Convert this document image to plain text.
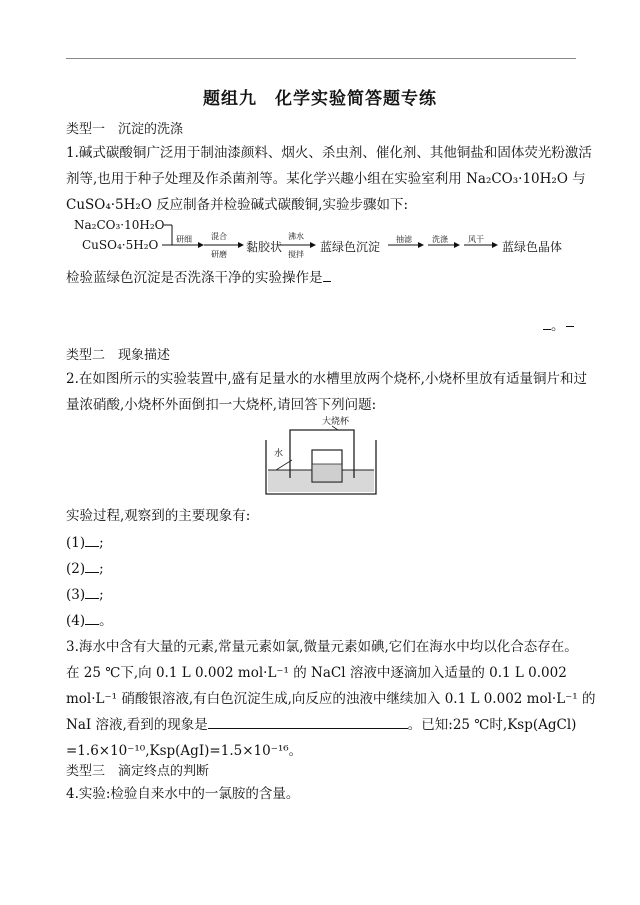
题组九　化学实验简答题专练
类型一　沉淀的洗涤
1.碱式碳酸铜广泛用于制油漆颜料、烟火、杀虫剂、催化剂、其他铜盐和固体荧光粉激活
剂等,也用于种子处理及作杀菌剂等。某化学兴趣小组在实验室利用 Na₂CO₃·10H₂O 与
CuSO₄·5H₂O 反应制备并检验碱式碳酸铜,实验步骤如下:
Na₂CO₃·10H₂O
CuSO₄·5H₂O 研细 混合
研磨
黏胶状
沸水
搅拌
蓝绿色沉淀
抽滤	洗涤	风干
蓝绿色晶体
检验蓝绿色沉淀是否洗涤干净的实验操作是
。
类型二　现象描述
2.在如图所示的实验装置中,盛有足量水的水槽里放两个烧杯,小烧杯里放有适量铜片和过
量浓硝酸,小烧杯外面倒扣一大烧杯,请回答下列问题:
大烧杯
水
实验过程,观察到的主要现象有:
(1) ;
(2) ;
(3) ;
(4) 。
3.海水中含有大量的元素,常量元素如氯,微量元素如碘,它们在海水中均以化合态存在。
在 25 ℃下,向 0.1 L 0.002 mol·L⁻¹ 的 NaCl 溶液中逐滴加入适量的 0.1 L 0.002
mol·L⁻¹ 硝酸银溶液,有白色沉淀生成,向反应的浊液中继续加入 0.1 L 0.002 mol·L⁻¹ 的
NaI 溶液,看到的现象是	。已知:25 ℃时,Ksp(AgCl)
=1.6×10⁻¹⁰,Ksp(AgI)=1.5×10⁻¹⁶。
类型三　滴定终点的判断
4.实验:检验自来水中的一氯胺的含量。
